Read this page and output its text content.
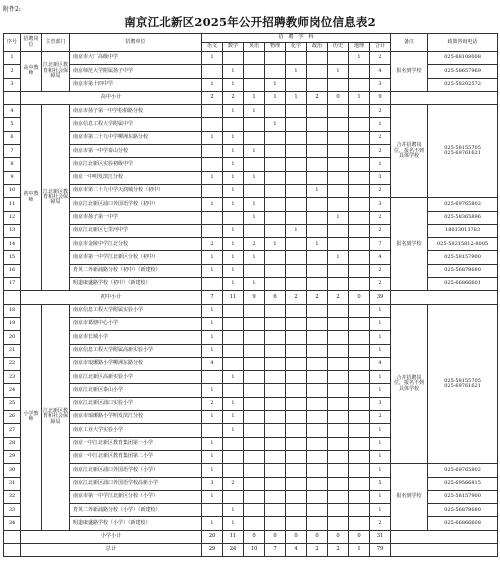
附件2:
南京江北新区2025年公开招聘教师岗位信息表2
序号	招聘岗位	主管部门	招聘单位	招　聘　学　科									备注	政策咨询电话
				语文	数学	英语	物理	化学	政治	历史	地理	合计		
1	高中教师	江北新区教育和社会保障局	南京市大厂高级中学	1							1	2	报名到学校	025-68108008
2			南京师范大学附属扬子中学		1			1		1		4		025-58657969
3			南京市第十四中学	1	1		1					3		025-58202572
	高中小计			2	2	1	1	1	2	0	1	9		
4	初中教师	江北新区教育和社会保障局	南京市扬子第一中学松柏路分校		1	1						2	合并招聘岗位，报名不到具体学校	025-58155705
025-69761621
5			南京信息工程大学附属中学				1					1		
6			南京市第二十九中学柳洲东路分校	1	1							2		
7			南京市第一中学泰山分校		1	1						2		
8			南京江北新区实验初级中学		1							1		
9			南京一中明发滨江分校	1	1	1						3		
10			南京市第二十九中学天润城分校（初中）		1				1			2		
11			南京江北新区浦口外国语学校（初中）	1	1	1						3	报名到学校	025-69765802
12			南京市扬子第一中学			1				1		2		025-58365896
13			南京江北新区七里河中学		1			1				2		18013013783
14			南京市金陵中学江北分校	2	1	2	1		1			7		025-58215812-8005
15			南京市第一中学江北新区分校（初中）	1	1	1				1		4		025-58157900
16			育英二外新浦路分校（初中）（新建校）	1	1							2		025-56878680
17			明道康盛路学校（初中）（新建校）		1	1						2		025-66866601
	初中小计			7	11	9	6	2	2	2	0	39		
18	小学教师	江北新区教育和社会保障局	南京信息工程大学附属实验小学	1								1	合并招聘岗位，报名不到具体学校	025-58155705
025-69761621
19			南京市葛塘中心小学	1								1		
20			南京市长城小学	1								1		
21			南京信息工程大学附属高新实验小学	1								1		
22			南京市琅琊路小学柳洲东路分校	4								4		
23			南京江北新区高新实验小学		1							1		
24			南京江北新区泰山小学	1								1		
25			南京江北新区浦口实验小学	2	1							3		
26			南京市琅琊路小学明发滨江分校	1	1							2		
27			南京工业大学实验小学		1							1		
28			南京一中江北新区教育集团第一小学	1								1		
29			南京一中江北新区教育集团第二小学	1								1		
30			南京江北新区浦口外国语学校（小学）	1								1	报名到学校	025-69765802
31			南京江北新区浦口外国语学校高新小学	3	2							5		025-69566815
32			南京市第一中学江北新区分校（小学）	1								1		025-58157900
33			育英二外新浦路分校（小学）（新建校）		1							1		025-56878680
34			明道康盛路学校（小学）（新建校）	1	1							2		025-66866608
	小学小计			20	11	0	0	0	0	0	0	31		
	总计			29	24	10	7	4	2	2	1	79		
